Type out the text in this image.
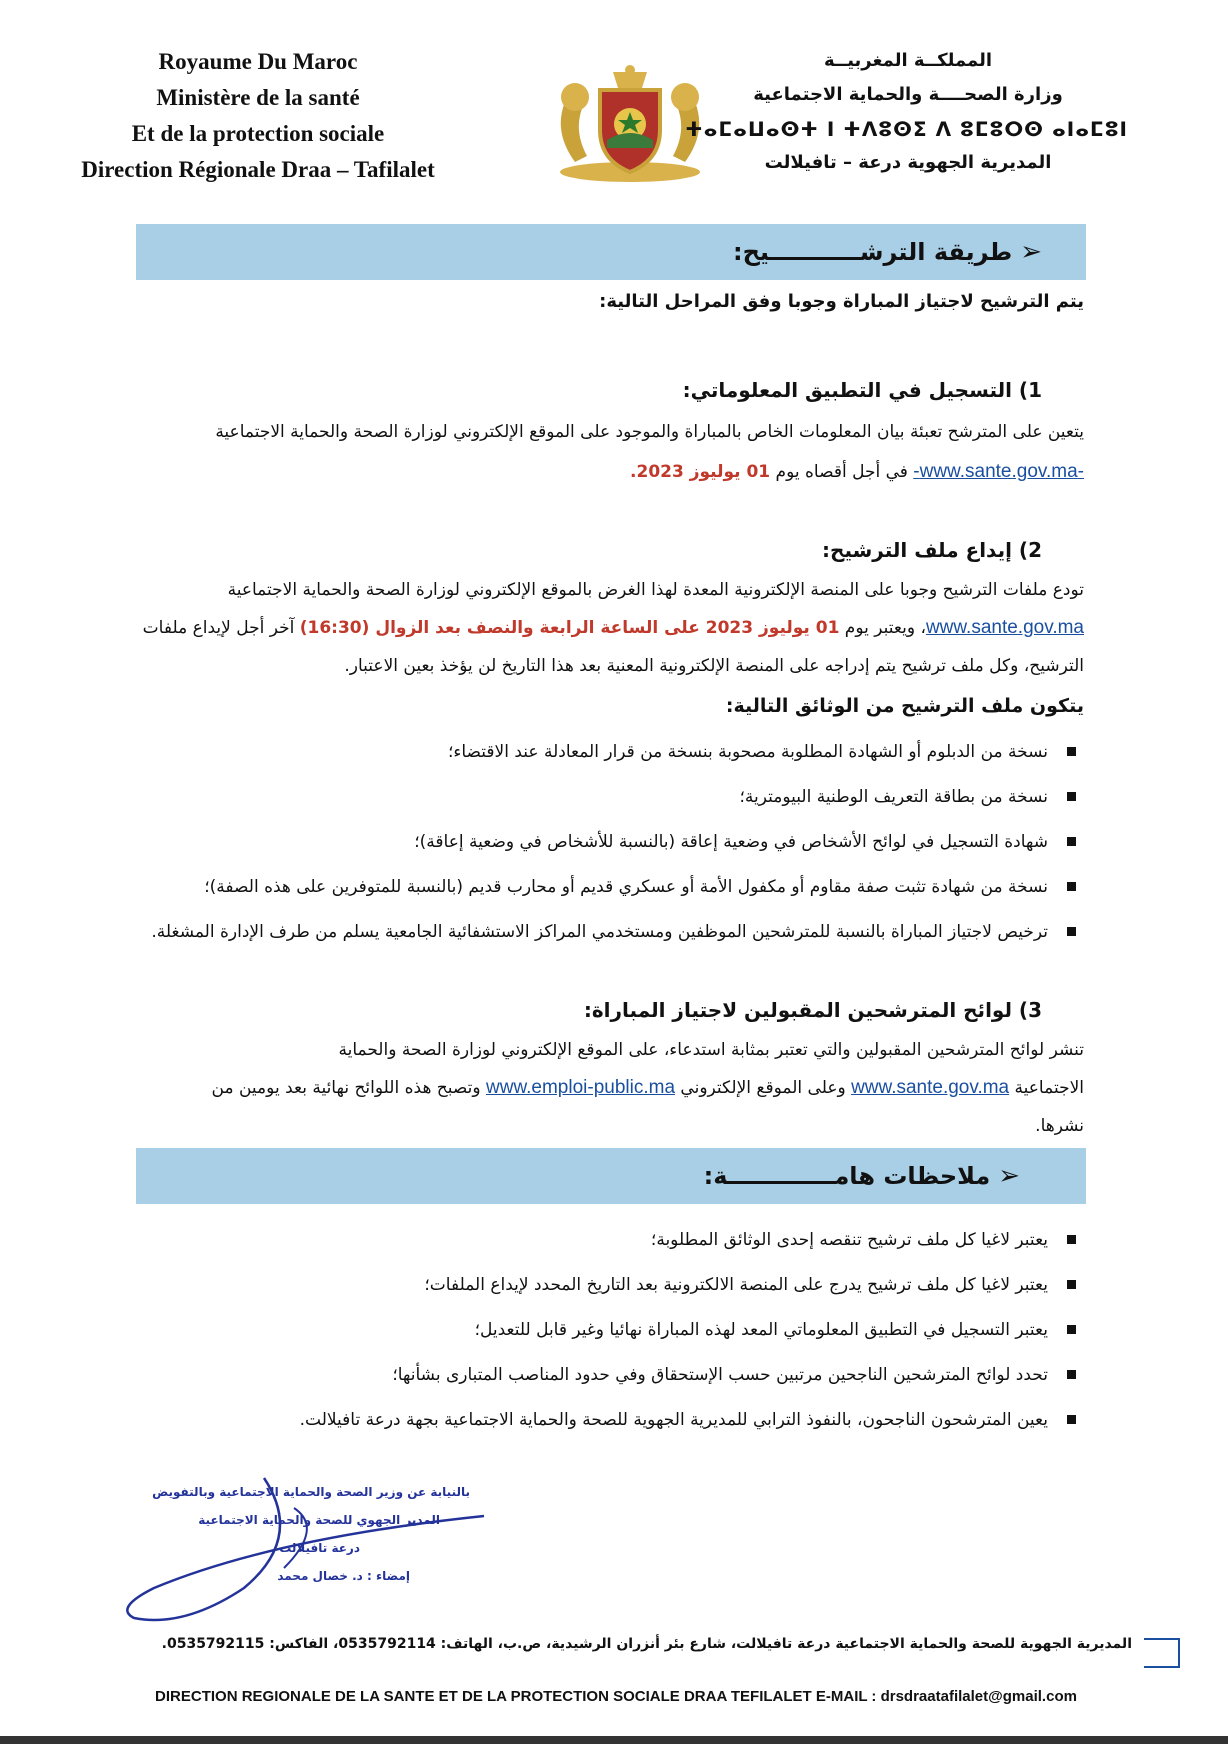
Royaume Du Maroc
Ministère de la santé
Et de la protection sociale
Direction Régionale Draa – Tafilalet
المملكــة المغربيــة
وزارة الصحــــة والحماية الاجتماعية
ⵜⴰⵎⴰⵡⴰⵙⵜ ⵏ ⵜⴷⵓⵙⵉ ⴷ ⵓⵎⵓⵔⵙ ⴰⵏⴰⵎⵓⵏ
المديرية الجهوية درعة – تافيلالت
➢طريقة الترشـــــــــــيح:
يتم الترشيح لاجتياز المباراة وجوبا وفق المراحل التالية:
1) التسجيل في التطبيق المعلوماتي:
يتعين على المترشح تعبئة بيان المعلومات الخاص بالمباراة والموجود على الموقع الإلكتروني لوزارة الصحة والحماية الاجتماعية
-www.sante.gov.ma- في أجل أقصاه يوم 01 يوليوز 2023.
2) إيداع ملف الترشيح:
تودع ملفات الترشيح وجوبا على المنصة الإلكترونية المعدة لهذا الغرض بالموقع الإلكتروني لوزارة الصحة والحماية الاجتماعية
www.sante.gov.ma، ويعتبر يوم 01 يوليوز 2023 على الساعة الرابعة والنصف بعد الزوال (16:30) آخر أجل لإيداع ملفات
الترشيح، وكل ملف ترشيح يتم إدراجه على المنصة الإلكترونية المعنية بعد هذا التاريخ لن يؤخذ بعين الاعتبار.
يتكون ملف الترشيح من الوثائق التالية:
نسخة من الدبلوم أو الشهادة المطلوبة مصحوبة بنسخة من قرار المعادلة عند الاقتضاء؛
نسخة من بطاقة التعريف الوطنية البيومترية؛
شهادة التسجيل في لوائح الأشخاص في وضعية إعاقة (بالنسبة للأشخاص في وضعية إعاقة)؛
نسخة من شهادة تثبت صفة مقاوم أو مكفول الأمة أو عسكري قديم أو محارب قديم (بالنسبة للمتوفرين على هذه الصفة)؛
ترخيص لاجتياز المباراة بالنسبة للمترشحين الموظفين ومستخدمي المراكز الاستشفائية الجامعية يسلم من طرف الإدارة المشغلة.
3) لوائح المترشحين المقبولين لاجتياز المباراة:
تنشر لوائح المترشحين المقبولين والتي تعتبر بمثابة استدعاء، على الموقع الإلكتروني لوزارة الصحة والحماية
الاجتماعية www.sante.gov.ma وعلى الموقع الإلكتروني www.emploi-public.ma وتصبح هذه اللوائح نهائية بعد يومين من
نشرها.
➢ملاحظات هامـــــــــــــة:
يعتبر لاغيا كل ملف ترشيح تنقصه إحدى الوثائق المطلوبة؛
يعتبر لاغيا كل ملف ترشيح يدرج على المنصة الالكترونية بعد التاريخ المحدد لإيداع الملفات؛
يعتبر التسجيل في التطبيق المعلوماتي المعد لهذه المباراة نهائيا وغير قابل للتعديل؛
تحدد لوائح المترشحين الناجحين مرتبين حسب الإستحقاق وفي حدود المناصب المتبارى بشأنها؛
يعين المترشحون الناجحون، بالنفوذ الترابي للمديرية الجهوية للصحة والحماية الاجتماعية بجهة درعة تافيلالت.
بالنيابة عن وزير الصحة والحماية الاجتماعية وبالتفويض
المدير الجهوي للصحة والحماية الاجتماعية
درعة تافيلالت
إمضاء : د. خصال محمد
المديرية الجهوية للصحة والحماية الاجتماعية درعة تافيلالت، شارع بئر أنزران الرشيدية، ص.ب، الهاتف: 0535792114، الفاكس: 0535792115.
DIRECTION REGIONALE DE LA SANTE ET DE LA PROTECTION SOCIALE DRAA TEFILALET E-MAIL : drsdraatafilalet@gmail.com
